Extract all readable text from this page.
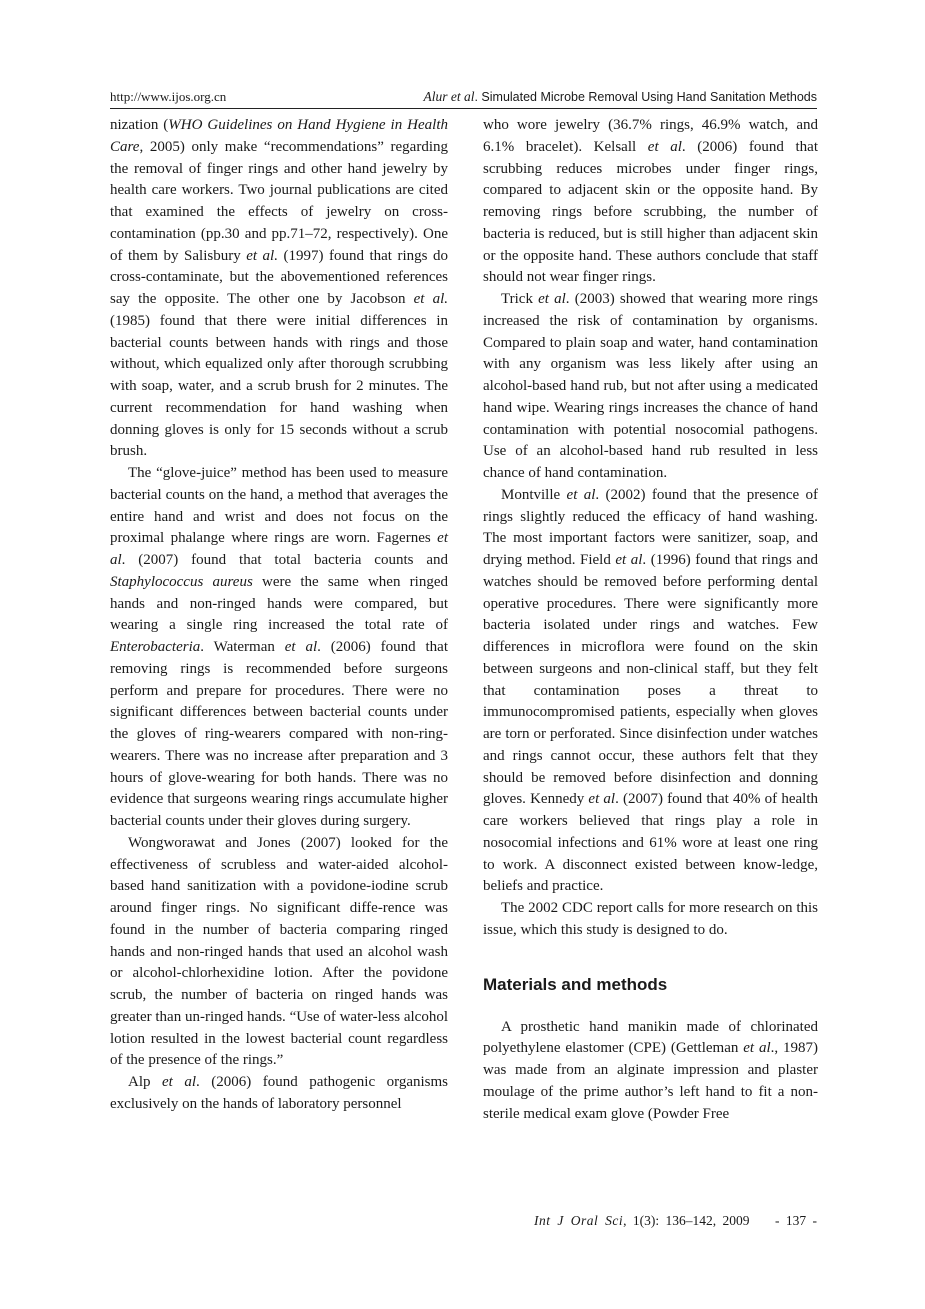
http://www.ijos.org.cn	Alur et al. Simulated Microbe Removal Using Hand Sanitation Methods

nization (WHO Guidelines on Hand Hygiene in Health Care, 2005) only make “recommendations” regarding the removal of finger rings and other hand jewelry by health care workers. Two journal publications are cited that examined the effects of jewelry on cross-contamination (pp.30 and pp.71–72, respectively). One of them by Salisbury et al. (1997) found that rings do cross-contaminate, but the abovementioned references say the opposite. The other one by Jacobson et al. (1985) found that there were initial differences in bacterial counts between hands with rings and those without, which equalized only after thorough scrubbing with soap, water, and a scrub brush for 2 minutes. The current recommendation for hand washing when donning gloves is only for 15 seconds without a scrub brush.

The “glove-juice” method has been used to measure bacterial counts on the hand, a method that averages the entire hand and wrist and does not focus on the proximal phalange where rings are worn. Fagernes et al. (2007) found that total bacteria counts and Staphylococcus aureus were the same when ringed hands and non-ringed hands were compared, but wearing a single ring increased the total rate of Enterobacteria. Waterman et al. (2006) found that removing rings is recommended before surgeons perform and prepare for procedures. There were no significant differences between bacterial counts under the gloves of ring-wearers compared with non-ring-wearers. There was no increase after preparation and 3 hours of glove-wearing for both hands. There was no evidence that surgeons wearing rings accumulate higher bacterial counts under their gloves during surgery.

Wongworawat and Jones (2007) looked for the effectiveness of scrubless and water-aided alcohol-based hand sanitization with a povidone-iodine scrub around finger rings. No significant diffe-rence was found in the number of bacteria comparing ringed hands and non-ringed hands that used an alcohol wash or alcohol-chlorhexidine lotion. After the povidone scrub, the number of bacteria on ringed hands was greater than un-ringed hands. “Use of water-less alcohol lotion resulted in the lowest bacterial count regardless of the presence of the rings.”

Alp et al. (2006) found pathogenic organisms exclusively on the hands of laboratory personnel

who wore jewelry (36.7% rings, 46.9% watch, and 6.1% bracelet). Kelsall et al. (2006) found that scrubbing reduces microbes under finger rings, compared to adjacent skin or the opposite hand. By removing rings before scrubbing, the number of bacteria is reduced, but is still higher than adjacent skin or the opposite hand. These authors conclude that staff should not wear finger rings.

Trick et al. (2003) showed that wearing more rings increased the risk of contamination by organisms. Compared to plain soap and water, hand contamination with any organism was less likely after using an alcohol-based hand rub, but not after using a medicated hand wipe. Wearing rings increases the chance of hand contamination with potential nosocomial pathogens. Use of an alcohol-based hand rub resulted in less chance of hand contamination.

Montville et al. (2002) found that the presence of rings slightly reduced the efficacy of hand washing. The most important factors were sanitizer, soap, and drying method. Field et al. (1996) found that rings and watches should be removed before performing dental operative procedures. There were significantly more bacteria isolated under rings and watches. Few differences in microflora were found on the skin between surgeons and non-clinical staff, but they felt that contamination poses a threat to immunocompromised patients, especially when gloves are torn or perforated. Since disinfection under watches and rings cannot occur, these authors felt that they should be removed before disinfection and donning gloves. Kennedy et al. (2007) found that 40% of health care workers believed that rings play a role in nosocomial infections and 61% wore at least one ring to work. A disconnect existed between know-ledge, beliefs and practice.

The 2002 CDC report calls for more research on this issue, which this study is designed to do.

Materials and methods

A prosthetic hand manikin made of chlorinated polyethylene elastomer (CPE) (Gettleman et al., 1987) was made from an alginate impression and plaster moulage of the prime author’s left hand to fit a non-sterile medical exam glove (Powder Free

Int J Oral Sci, 1(3): 136–142, 2009 - 137 -
